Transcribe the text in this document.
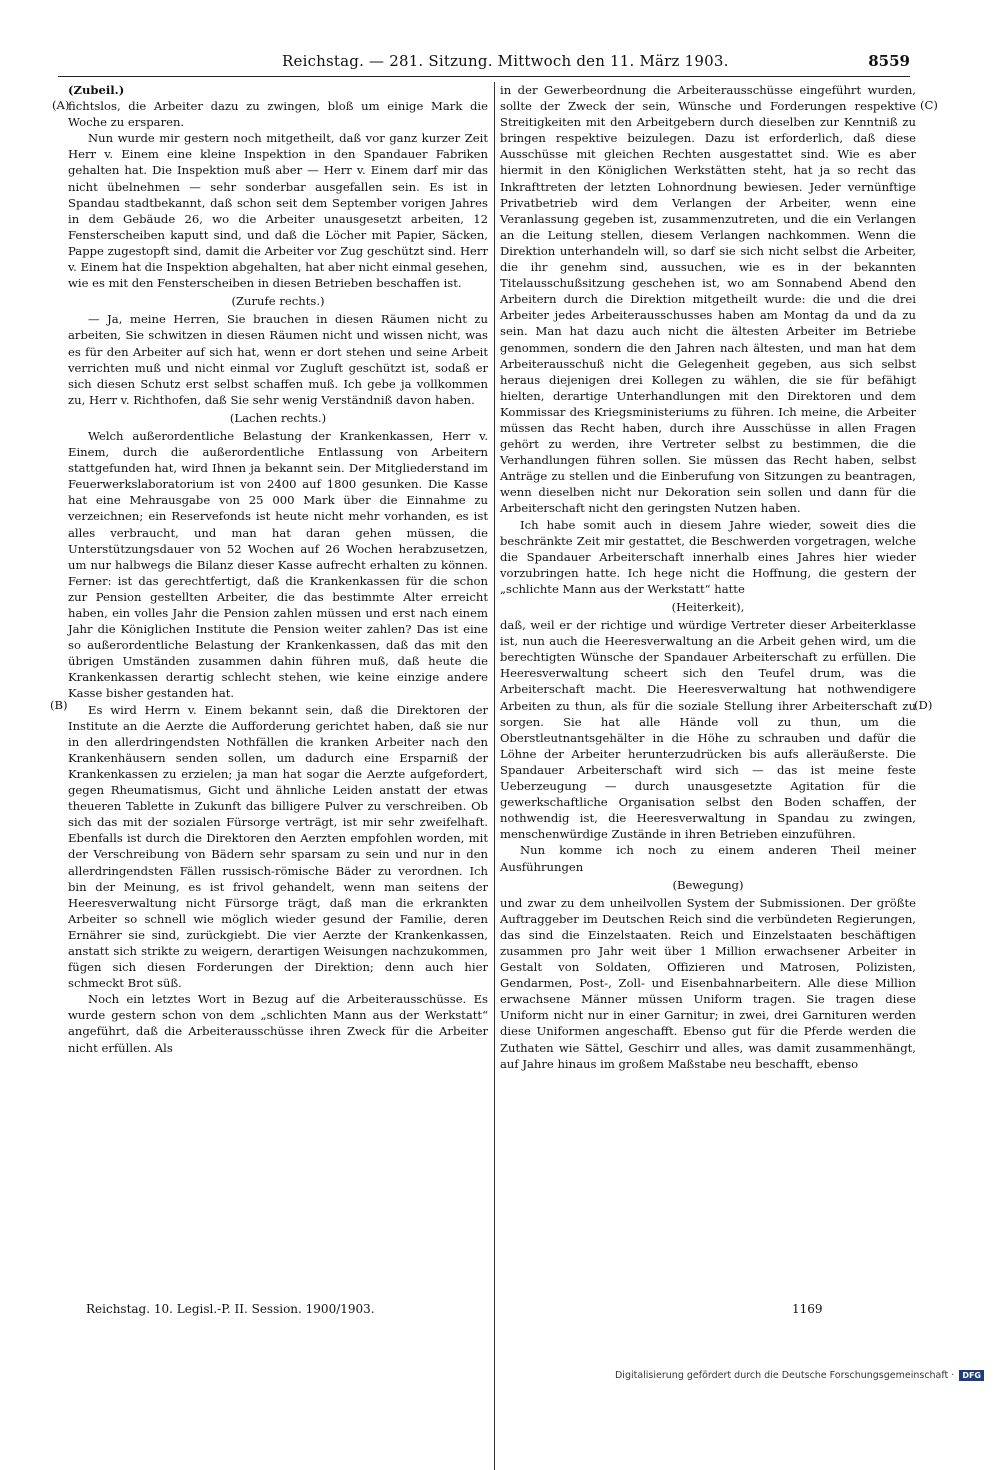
Reichstag. — 281. Sitzung. Mittwoch den 11. März 1903.	8559
(A)
(B)
(C)
(D)

(Zubeil.)

fichtslos, die Arbeiter dazu zu zwingen, bloß um einige Mark die Woche zu ersparen.

Nun wurde mir gestern noch mitgetheilt, daß vor ganz kurzer Zeit Herr v. Einem eine kleine Inspektion in den Spandauer Fabriken gehalten hat. Die Inspektion muß aber — Herr v. Einem darf mir das nicht übelnehmen — sehr sonderbar ausgefallen sein. Es ist in Spandau stadtbekannt, daß schon seit dem September vorigen Jahres in dem Gebäude 26, wo die Arbeiter unausgesetzt arbeiten, 12 Fensterscheiben kaputt sind, und daß die Löcher mit Papier, Säcken, Pappe zugestopft sind, damit die Arbeiter vor Zug geschützt sind. Herr v. Einem hat die Inspektion abgehalten, hat aber nicht einmal gesehen, wie es mit den Fensterscheiben in diesen Betrieben beschaffen ist.

(Zurufe rechts.)

— Ja, meine Herren, Sie brauchen in diesen Räumen nicht zu arbeiten, Sie schwitzen in diesen Räumen nicht und wissen nicht, was es für den Arbeiter auf sich hat, wenn er dort stehen und seine Arbeit verrichten muß und nicht einmal vor Zugluft geschützt ist, sodaß er sich diesen Schutz erst selbst schaffen muß. Ich gebe ja vollkommen zu, Herr v. Richthofen, daß Sie sehr wenig Verständniß davon haben.

(Lachen rechts.)

Welch außerordentliche Belastung der Krankenkassen, Herr v. Einem, durch die außerordentliche Entlassung von Arbeitern stattgefunden hat, wird Ihnen ja bekannt sein. Der Mitgliederstand im Feuerwerkslaboratorium ist von 2400 auf 1800 gesunken. Die Kasse hat eine Mehrausgabe von 25 000 Mark über die Einnahme zu verzeichnen; ein Reservefonds ist heute nicht mehr vorhanden, es ist alles verbraucht, und man hat daran gehen müssen, die Unterstützungsdauer von 52 Wochen auf 26 Wochen herabzusetzen, um nur halbwegs die Bilanz dieser Kasse aufrecht erhalten zu können. Ferner: ist das gerechtfertigt, daß die Krankenkassen für die schon zur Pension gestellten Arbeiter, die das bestimmte Alter erreicht haben, ein volles Jahr die Pension zahlen müssen und erst nach einem Jahr die Königlichen Institute die Pension weiter zahlen? Das ist eine so außerordentliche Belastung der Krankenkassen, daß das mit den übrigen Umständen zusammen dahin führen muß, daß heute die Krankenkassen derartig schlecht stehen, wie keine einzige andere Kasse bisher gestanden hat.

Es wird Herrn v. Einem bekannt sein, daß die Direktoren der Institute an die Aerzte die Aufforderung gerichtet haben, daß sie nur in den allerdringendsten Nothfällen die kranken Arbeiter nach den Krankenhäusern senden sollen, um dadurch eine Ersparniß der Krankenkassen zu erzielen; ja man hat sogar die Aerzte aufgefordert, gegen Rheumatismus, Gicht und ähnliche Leiden anstatt der etwas theueren Tablette in Zukunft das billigere Pulver zu verschreiben. Ob sich das mit der sozialen Fürsorge verträgt, ist mir sehr zweifelhaft. Ebenfalls ist durch die Direktoren den Aerzten empfohlen worden, mit der Verschreibung von Bädern sehr sparsam zu sein und nur in den allerdringendsten Fällen russisch-römische Bäder zu verordnen. Ich bin der Meinung, es ist frivol gehandelt, wenn man seitens der Heeresverwaltung nicht Fürsorge trägt, daß man die erkrankten Arbeiter so schnell wie möglich wieder gesund der Familie, deren Ernährer sie sind, zurückgiebt. Die vier Aerzte der Krankenkassen, anstatt sich strikte zu weigern, derartigen Weisungen nachzukommen, fügen sich diesen Forderungen der Direktion; denn auch hier schmeckt Brot süß.

Noch ein letztes Wort in Bezug auf die Arbeiterausschüsse. Es wurde gestern schon von dem „schlichten Mann aus der Werkstatt“ angeführt, daß die Arbeiterausschüsse ihren Zweck für die Arbeiter nicht erfüllen. Als

in der Gewerbeordnung die Arbeiterausschüsse eingeführt wurden, sollte der Zweck der sein, Wünsche und Forderungen respektive Streitigkeiten mit den Arbeitgebern durch dieselben zur Kenntniß zu bringen respektive beizulegen. Dazu ist erforderlich, daß diese Ausschüsse mit gleichen Rechten ausgestattet sind. Wie es aber hiermit in den Königlichen Werkstätten steht, hat ja so recht das Inkrafttreten der letzten Lohnordnung bewiesen. Jeder vernünftige Privatbetrieb wird dem Verlangen der Arbeiter, wenn eine Veranlassung gegeben ist, zusammenzutreten, und die ein Verlangen an die Leitung stellen, diesem Verlangen nachkommen. Wenn die Direktion unterhandeln will, so darf sie sich nicht selbst die Arbeiter, die ihr genehm sind, aussuchen, wie es in der bekannten Titelausschußsitzung geschehen ist, wo am Sonnabend Abend den Arbeitern durch die Direktion mitgetheilt wurde: die und die drei Arbeiter jedes Arbeiterausschusses haben am Montag da und da zu sein. Man hat dazu auch nicht die ältesten Arbeiter im Betriebe genommen, sondern die den Jahren nach ältesten, und man hat dem Arbeiterausschuß nicht die Gelegenheit gegeben, aus sich selbst heraus diejenigen drei Kollegen zu wählen, die sie für befähigt hielten, derartige Unterhandlungen mit den Direktoren und dem Kommissar des Kriegsministeriums zu führen. Ich meine, die Arbeiter müssen das Recht haben, durch ihre Ausschüsse in allen Fragen gehört zu werden, ihre Vertreter selbst zu bestimmen, die die Verhandlungen führen sollen. Sie müssen das Recht haben, selbst Anträge zu stellen und die Einberufung von Sitzungen zu beantragen, wenn dieselben nicht nur Dekoration sein sollen und dann für die Arbeiterschaft nicht den geringsten Nutzen haben.

Ich habe somit auch in diesem Jahre wieder, soweit dies die beschränkte Zeit mir gestattet, die Beschwerden vorgetragen, welche die Spandauer Arbeiterschaft innerhalb eines Jahres hier wieder vorzubringen hatte. Ich hege nicht die Hoffnung, die gestern der „schlichte Mann aus der Werkstatt“ hatte

(Heiterkeit),

daß, weil er der richtige und würdige Vertreter dieser Arbeiterklasse ist, nun auch die Heeresverwaltung an die Arbeit gehen wird, um die berechtigten Wünsche der Spandauer Arbeiterschaft zu erfüllen. Die Heeresverwaltung scheert sich den Teufel drum, was die Arbeiterschaft macht. Die Heeresverwaltung hat nothwendigere Arbeiten zu thun, als für die soziale Stellung ihrer Arbeiterschaft zu sorgen. Sie hat alle Hände voll zu thun, um die Oberstleutnantsgehälter in die Höhe zu schrauben und dafür die Löhne der Arbeiter herunterzudrücken bis aufs alleräußerste. Die Spandauer Arbeiterschaft wird sich — das ist meine feste Ueberzeugung — durch unausgesetzte Agitation für die gewerkschaftliche Organisation selbst den Boden schaffen, der nothwendig ist, die Heeresverwaltung in Spandau zu zwingen, menschenwürdige Zustände in ihren Betrieben einzuführen.

Nun komme ich noch zu einem anderen Theil meiner Ausführungen

(Bewegung)

und zwar zu dem unheilvollen System der Submissionen. Der größte Auftraggeber im Deutschen Reich sind die verbündeten Regierungen, das sind die Einzelstaaten. Reich und Einzelstaaten beschäftigen zusammen pro Jahr weit über 1 Million erwachsener Arbeiter in Gestalt von Soldaten, Offizieren und Matrosen, Polizisten, Gendarmen, Post-, Zoll- und Eisenbahnarbeitern. Alle diese Million erwachsene Männer müssen Uniform tragen. Sie tragen diese Uniform nicht nur in einer Garnitur; in zwei, drei Garnituren werden diese Uniformen angeschafft. Ebenso gut für die Pferde werden die Zuthaten wie Sättel, Geschirr und alles, was damit zusammenhängt, auf Jahre hinaus im großem Maßstabe neu beschafft, ebenso

Reichstag. 10. Legisl.-P. II. Session. 1900/1903.	1169
Digitalisierung gefördert durch die Deutsche Forschungsgemeinschaft ·	DFG
